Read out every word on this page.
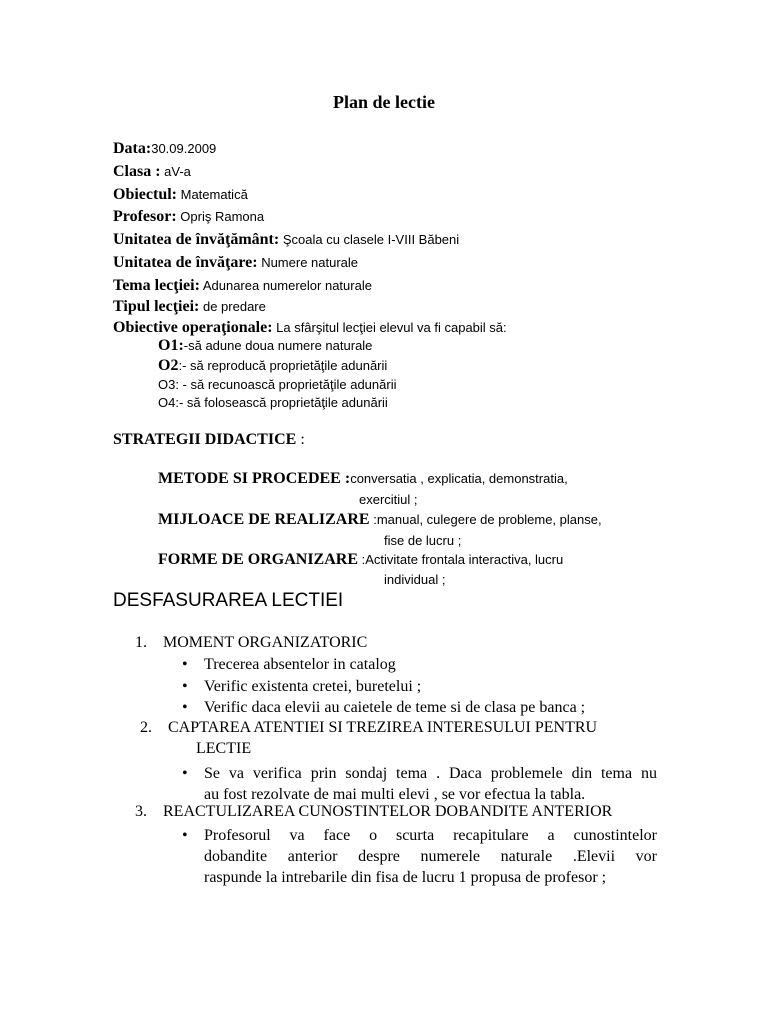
Plan de lectie
Data:30.09.2009
Clasa : aV-a
Obiectul: Matematică
Profesor: Opriş Ramona
Unitatea de învăţământ: Şcoala cu clasele I-VIII Băbeni
Unitatea de învăţare: Numere naturale
Tema lecţiei: Adunarea numerelor naturale
Tipul lecţiei: de predare
Obiective operaţionale: La sfârşitul lecţiei elevul va fi capabil să:
O1:-să adune doua numere naturale
O2:- să reproducă proprietăţile adunării
O3: - să recunoască proprietăţile adunării
O4:- să folosească proprietăţile adunării
STRATEGII DIDACTICE :
METODE SI PROCEDEE :conversatia , explicatia, demonstratia,
exercitiul ;
MIJLOACE DE REALIZARE :manual, culegere de probleme, planse,
fise de lucru ;
FORME DE ORGANIZARE :Activitate frontala interactiva, lucru
individual ;
DESFASURAREA LECTIEI
1. MOMENT ORGANIZATORIC
• Trecerea absentelor in catalog
• Verific existenta cretei, buretelui ;
• Verific daca elevii au caietele de teme si de clasa pe banca ;
2. CAPTAREA ATENTIEI SI TREZIREA INTERESULUI PENTRU
LECTIE
• Se va verifica prin sondaj tema . Daca problemele din tema nu
au fost rezolvate de mai multi elevi , se vor efectua la tabla.
3. REACTULIZAREA CUNOSTINTELOR DOBANDITE ANTERIOR
• Profesorul va face o scurta recapitulare a cunostintelor
dobandite anterior despre numerele naturale .Elevii vor
raspunde la intrebarile din fisa de lucru 1 propusa de profesor ;
